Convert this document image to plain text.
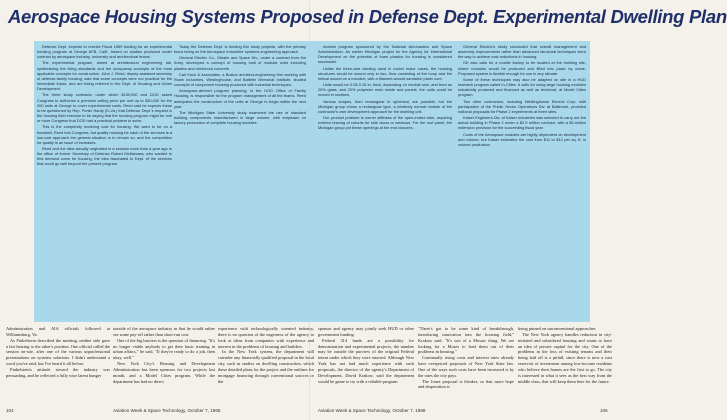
Aerospace Housing Systems Proposed in Defense Dept. Experimental Dwelling Plan

Defense Dept. expects to receive Fiscal 1969 funding for an experimental housing program at George AFB, Calif., based on studies produced under contract by aerospace industry, university and architectural teams.

The experimental program, aimed at architectural engineering lab, synthesizing the living standards and the occupancy concepts of the most applicable concepts for construction. John J. Reed, deputy assistant secretary of defense-family housing, said that some concepts were not practical for the immediate future, and are being referred to the Dept. of Housing and Urban Development.

The three study contracts, under which $150,000 and DOD asked Congress to authorize a premium ceiling price per unit up to $30,000 for the 200 units at George to cover experimental costs. Reed said he expects these to be questioned by Rep. Porter Hardy (D-Va.) that Defense Dept.'s request in the housing field exercise to be saying that the housing program might be one or more Congress that DOD had a practical problem to solve.

This is the complexity involving cost for housing. We want to be on a treadmill, Reed told Congress, but quality housing for each of the services is a low-cost approach the general situation is to remain so, and the competition for quality is an issue of increases.

Reed and the idea actually originated in a session more than a year ago in the office of former Secretary of Defense Robert McNamara, who wanted to find demand curve for housing, the idea fascinated to Dept. of the services that could go well beyond the present program.

Today the Defense Dept. is funding five study projects, with the primary focus being on the Aerospace Industries' systems engineering approach.

General Electric Co., Missile and Space Div., under a contract from the Army, developed a concept of housing built of modular units including plastics and reinforced concrete.

Carl Koch & Associates, a Boston architect-engineering firm working with Rowe Industries, Westinghouse, and Battelle Memorial Institute, studied concepts of component housing produced with industrial techniques.

Aerospace-derived program planning, in the DOD Office of Family Housing, is responsible for the program management of all the teams. Reed anticipates the construction of the units at George to begin within the next year.

The Michigan State University study examined the use of standard building components manufactured in large volume, with emphasis on factory production of complete housing modules.

modest program sponsored by the National Aeronautics and Space Administration. An earlier Michigan project for the Agency for International Development on the potential of foam plastics for housing is considered successful.

Unlike the three-axis winding used in rocket motor cases, the housing structures would be wound only in two, thus consisting of the hoop and the helical wound on a mandrel, with a filament-wound sandwich panel core.

Units would be 0.05-0.15 in. thick, depending on module size, and from as 20% glass, and 20% polyester resin inside and panels, the units could be moved in sections.

Various shapes, from rectangular to spherical, are possible, but the Michigan group chose a rectangular type, a relatively normal module of the contractor's own development approach for the dwelling unit.

Our product problem is corner stiffness of the open-ended tube, requiring exterior bracing of cutouts for side doors or windows. For the roof panel, the Michigan group put these openings at the end closures.

General Electric's study concluded that overall management and assembly improvements rather than advanced structural techniques were the way to achieve cost reductions in housing.

GE also calls for a mobile factory to be located at the building site, where modules would be produced and lifted into place by crane. Proposed system is flexible enough for use in any climate.

Some of these techniques may also be adapted on site in a HUD research program called In-Cities. It calls for using large housing modules industrially produced and financed as well as technical, at Model Cities program.

Two other contractors, including Westinghouse Electric Corp. with participation of the Public Sector Operations Div. at Baltimore, provided notional proposals for Phase 2 experiments at three sites.

Kaiser Engineers Div. of Kaiser Industries was selected to carry out the actual building in Phase 2 under a $2.9 million contract, with a $2-million extension provision for the succeeding fiscal year.

Costs of the Aerospace modules are highly dependent on development and volume, but Kaiser estimates the cost from $11 to $12 per sq. ft. in volume production.

Administration and AIA officials followed at Williamsburg, Va.

As Finkelstein described the meeting, neither side gave a fair hearing to the other's position. One official called the session on-site, after one of the various unprofessional presentations on systems solutions. I didn't understand a word you've said, but I've heard it all before.

Finkelstein's attitude toward the industry was persuading, and he reflected a fully wise latent hunger

outside of the aerospace industry in that he would rather see some pay-off rather than short-run cost.

One of the big barriers is the question of financing. "It's no longer viable anybody to get their basic training in urban affairs," he said. "If they're ready to do a job, then okay, well."

New York City's Housing and Development Administration has been sponsors for two projects last month, and a Model Cities program. While the department has had no direct

experience with technologically oriented industry, there is no question of the eagerness of the agency to look at ideas from companies with experience and interest in the problems of housing and builders.

In the New York system, the department will consider any financially qualified proposal in the local city, such as studies on dwelling construction, which these detailed plans for the project and the outlines for mortgage financing through conventional sources or the

sponsor and agency may jointly seek HUD or other government funding.

Federal 314 funds are a possibility for demonstration and experimental projects, the number may be outside the purview of the original Federal intent under which they were enacted. Although New York has not had much experience with such proposals, the director of the agency's Department of Development, David Krakow, said the department would be game to try with a reliable program

"There's got to be some kind of breakthrough, introducing innovation into the housing field," Krakow said. "It's sort of a Mosaic thing. We are looking for a Moses to lead them out of their problems in housing."

Continually rising costs and interest rates already have overpriced proposals of New York State law. One of the ways such costs have been increased is by the rates the city pays.

The Jones proposal is bleaker, so that more hope and desperation is

being pinned on unconventional approaches.

The New York agency handles reduction in city-initiated and subsidized housing and wants to have an idea of private capital for the city. One of the problems in the loss of existing tenants and their being laid off is a pitfall, since there is now a vast reservoir of investment among low-income residents who believe their homes are the first to go. The city is interested in what it sees as the best way from the middle class, that will keep them here for the future.

104	Aviation Week & Space Technology, October 7, 1968	Aviation Week & Space Technology, October 7, 1968	105
